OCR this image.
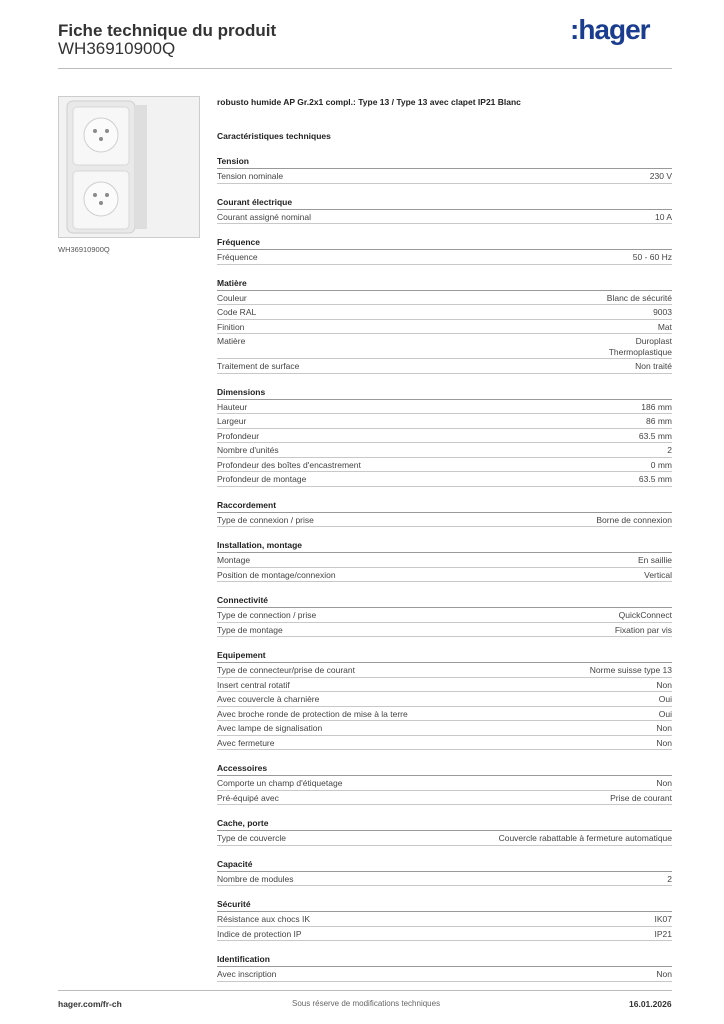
Fiche technique du produit
WH36910900Q
:hager
WH36910900Q
robusto humide AP Gr.2x1 compl.: Type 13 / Type 13 avec clapet IP21 Blanc
Caractéristiques techniques
Tension
Tension nominale	230 V
Courant électrique
Courant assigné nominal	10 A
Fréquence
Fréquence	50 - 60 Hz
Matière
Couleur	Blanc de sécurité
Code RAL	9003
Finition	Mat
Matière	Duroplast
Thermoplastique
Traitement de surface	Non traité
Dimensions
Hauteur	186 mm
Largeur	86 mm
Profondeur	63.5 mm
Nombre d'unités	2
Profondeur des boîtes d'encastrement	0 mm
Profondeur de montage	63.5 mm
Raccordement
Type de connexion / prise	Borne de connexion
Installation, montage
Montage	En saillie
Position de montage/connexion	Vertical
Connectivité
Type de connection / prise	QuickConnect
Type de montage	Fixation par vis
Equipement
Type de connecteur/prise de courant	Norme suisse type 13
Insert central rotatif	Non
Avec couvercle à charnière	Oui
Avec broche ronde de protection de mise à la terre	Oui
Avec lampe de signalisation	Non
Avec fermeture	Non
Accessoires
Comporte un champ d'étiquetage	Non
Pré-équipé avec	Prise de courant
Cache, porte
Type de couvercle	Couvercle rabattable à fermeture automatique
Capacité
Nombre de modules	2
Sécurité
Résistance aux chocs IK	IK07
Indice de protection IP	IP21
Identification
Avec inscription	Non
hager.com/fr-ch	Sous réserve de modifications techniques	16.01.2026
